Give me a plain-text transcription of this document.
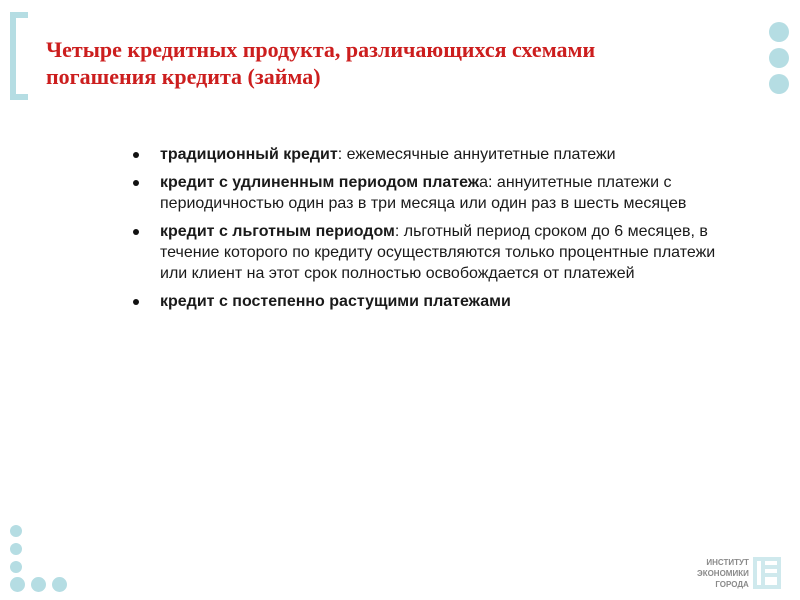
Четыре кредитных продукта, различающихся схемами
погашения кредита (займа)
традиционный кредит: ежемесячные аннуитетные платежи
кредит с удлиненным периодом платежа: аннуитетные платежи с периодичностью один раз в три месяца или один раз в шесть месяцев
кредит с льготным периодом: льготный период сроком до 6 месяцев, в течение которого по кредиту осуществляются только процентные платежи или клиент на этот срок полностью освобождается от платежей
кредит с постепенно растущими платежами
ИНСТИТУТ
ЭКОНОМИКИ
ГОРОДА
